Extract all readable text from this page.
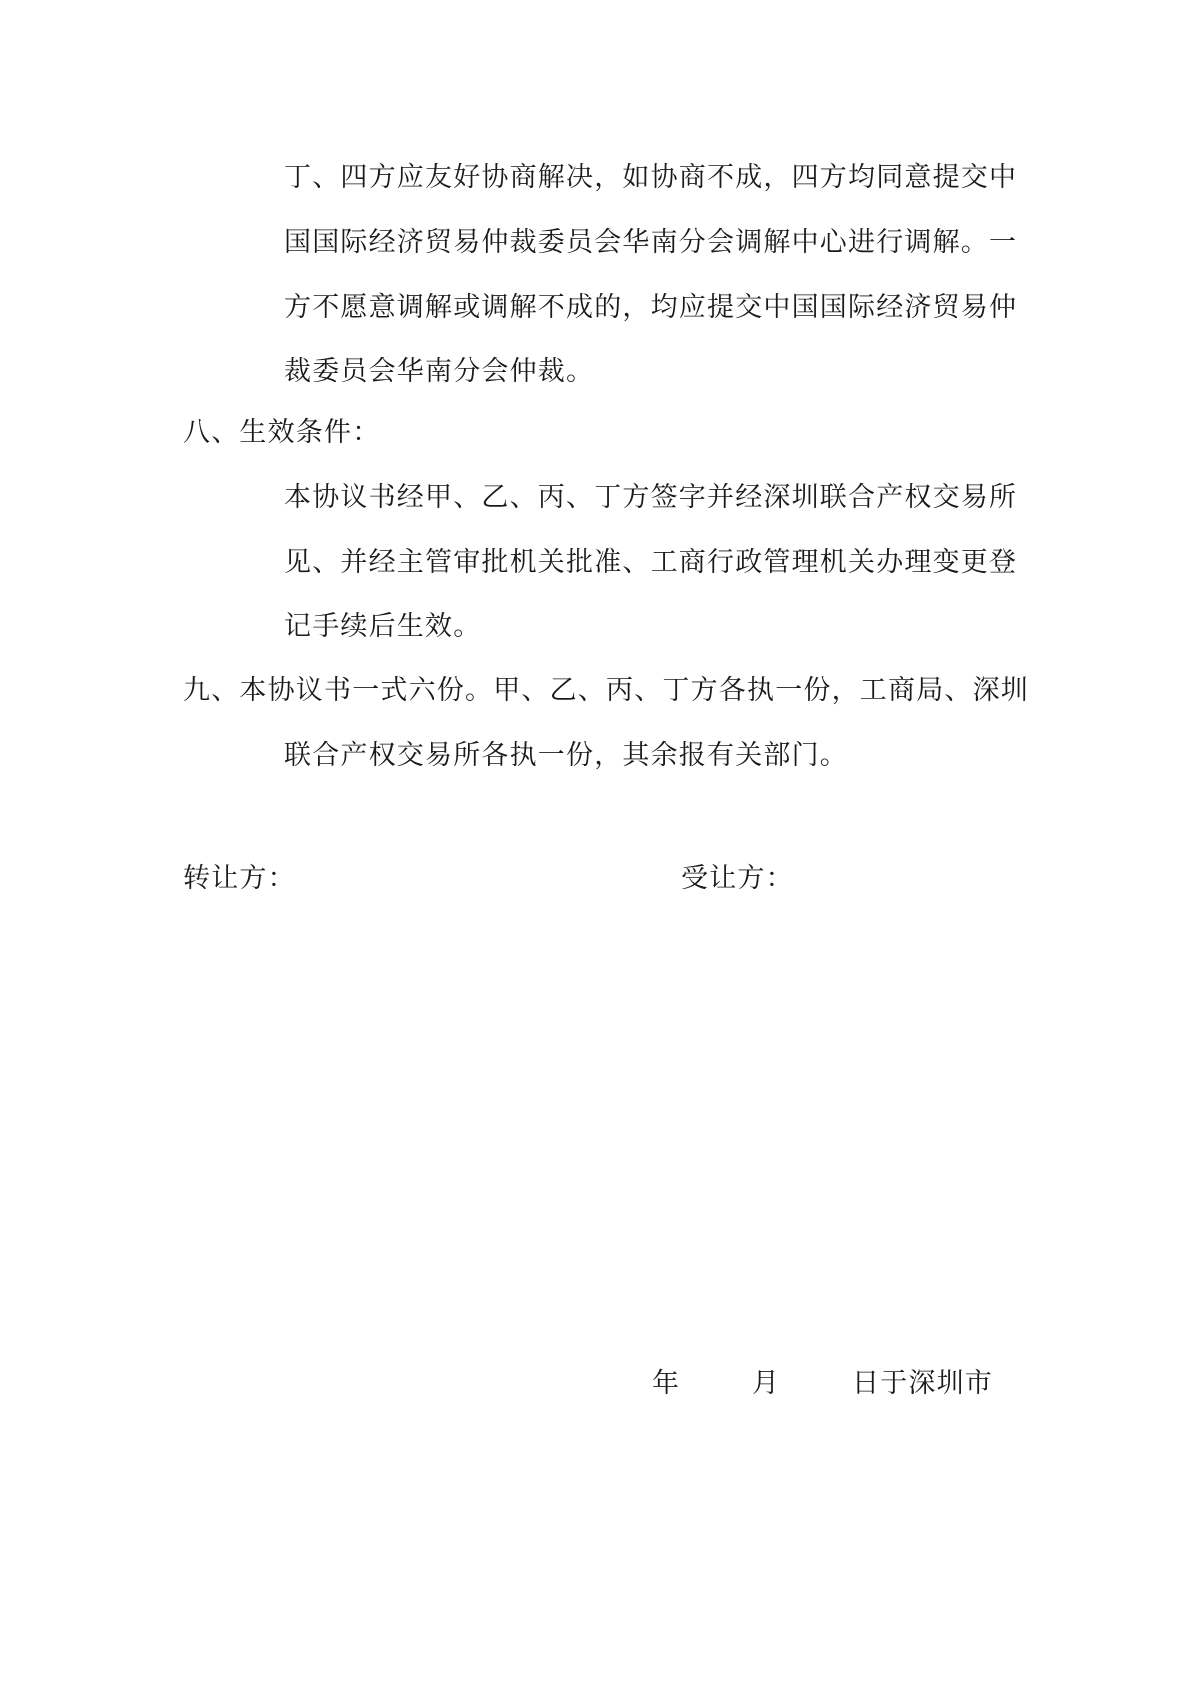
丁、四方应友好协商解决，如协商不成，四方均同意提交中
国国际经济贸易仲裁委员会华南分会调解中心进行调解。一
方不愿意调解或调解不成的，均应提交中国国际经济贸易仲
裁委员会华南分会仲裁。
八、生效条件：
本协议书经甲、乙、丙、丁方签字并经深圳联合产权交易所
见、并经主管审批机关批准、工商行政管理机关办理变更登
记手续后生效。
九、本协议书一式六份。甲、乙、丙、丁方各执一份，工商局、深圳
联合产权交易所各执一份，其余报有关部门。
转让方：	受让方：
年	月	日于深圳市
